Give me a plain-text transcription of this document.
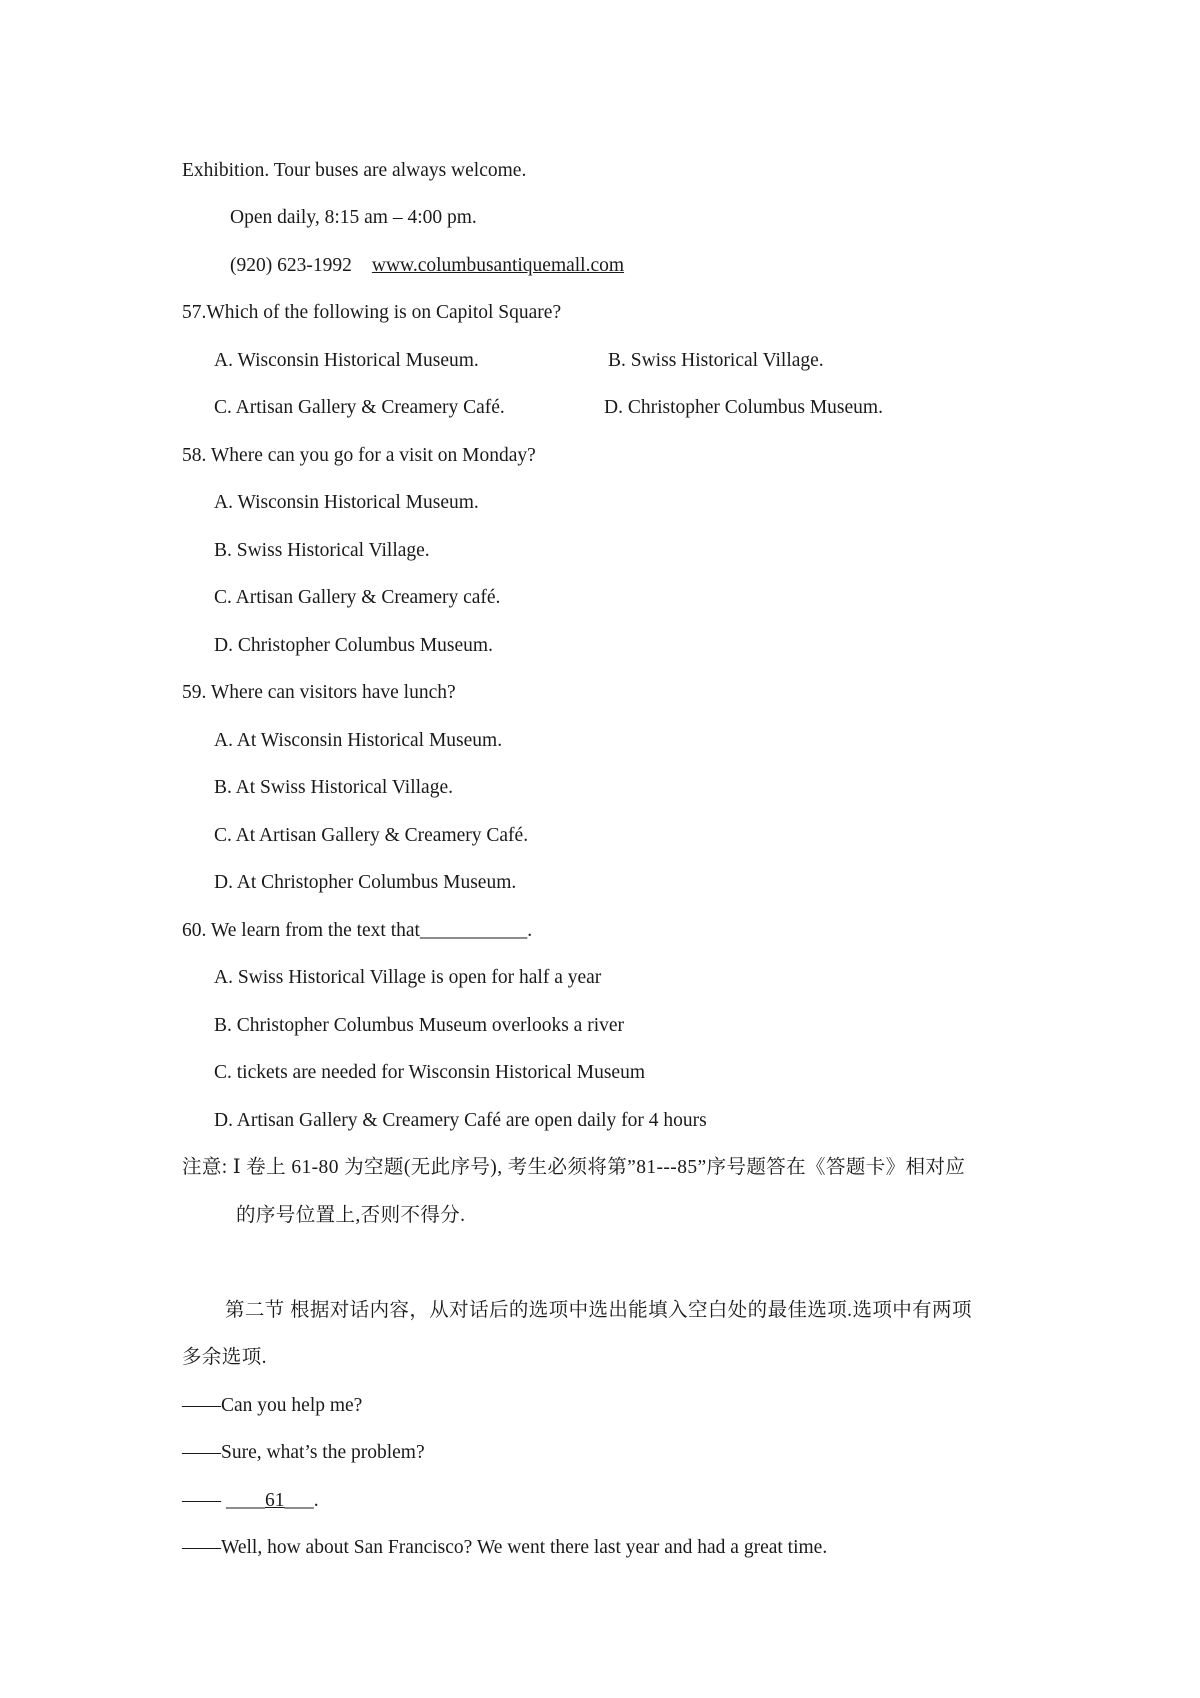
Exhibition. Tour buses are always welcome.
Open daily, 8:15 am – 4:00 pm.
(920) 623-1992 www.columbusantiquemall.com
57.Which of the following is on Capitol Square?
A. Wisconsin Historical Museum.	B. Swiss Historical Village.
C. Artisan Gallery & Creamery Café.	D. Christopher Columbus Museum.
58. Where can you go for a visit on Monday?
A. Wisconsin Historical Museum.
B. Swiss Historical Village.
C. Artisan Gallery & Creamery café.
D. Christopher Columbus Museum.
59. Where can visitors have lunch?
A. At Wisconsin Historical Museum.
B. At Swiss Historical Village.
C. At Artisan Gallery & Creamery Café.
D. At Christopher Columbus Museum.
60. We learn from the text that___________.
A. Swiss Historical Village is open for half a year
B. Christopher Columbus Museum overlooks a river
C. tickets are needed for Wisconsin Historical Museum
D. Artisan Gallery & Creamery Café are open daily for 4 hours
注意: Ⅰ 卷上 61-80 为空题(无此序号), 考生必须将第”81---85”序号题答在《答题卡》相对应
的序号位置上,否则不得分.
第二节 根据对话内容，从对话后的选项中选出能填入空白处的最佳选项.选项中有两项
多余选项.
——Can you help me?
——Sure, what’s the problem?
—— ____61___.
——Well, how about San Francisco? We went there last year and had a great time.
